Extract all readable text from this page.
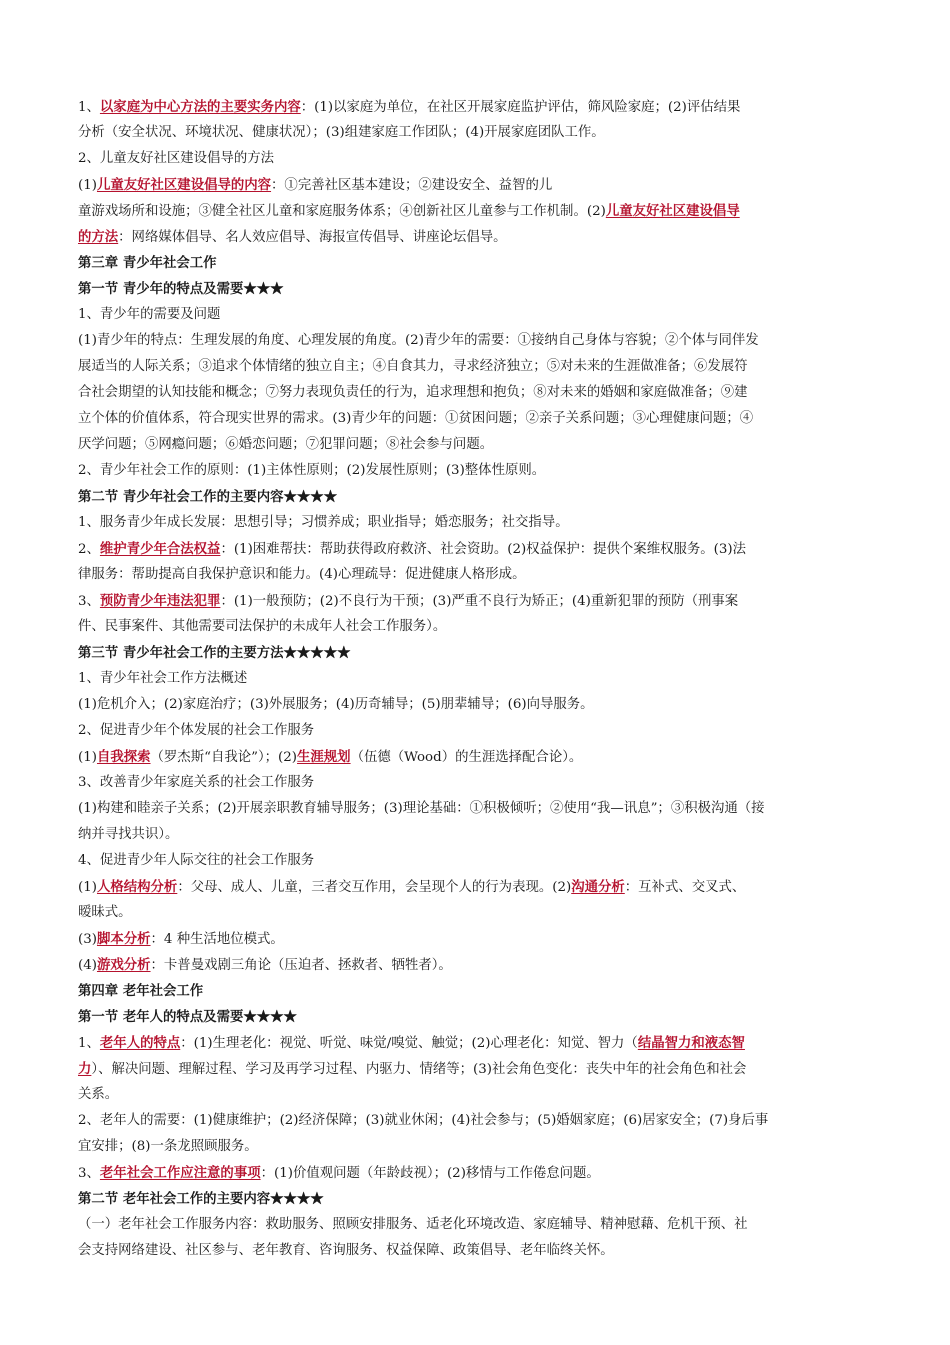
1、以家庭为中心方法的主要实务内容：(1)以家庭为单位，在社区开展家庭监护评估，筛风险家庭；(2)评估结果
分析（安全状况、环境状况、健康状况）；(3)组建家庭工作团队；(4)开展家庭团队工作。
2、儿童友好社区建设倡导的方法
(1)儿童友好社区建设倡导的内容：①完善社区基本建设；②建设安全、益智的儿
童游戏场所和设施；③健全社区儿童和家庭服务体系；④创新社区儿童参与工作机制。(2)儿童友好社区建设倡导
的方法：网络媒体倡导、名人效应倡导、海报宣传倡导、讲座论坛倡导。
第三章 青少年社会工作
第一节 青少年的特点及需要★★★
1、青少年的需要及问题
(1)青少年的特点：生理发展的角度、心理发展的角度。(2)青少年的需要：①接纳自己身体与容貌；②个体与同伴发
展适当的人际关系；③追求个体情绪的独立自主；④自食其力，寻求经济独立；⑤对未来的生涯做准备；⑥发展符
合社会期望的认知技能和概念；⑦努力表现负责任的行为，追求理想和抱负；⑧对未来的婚姻和家庭做准备；⑨建
立个体的价值体系，符合现实世界的需求。(3)青少年的问题：①贫困问题；②亲子关系问题；③心理健康问题；④
厌学问题；⑤网瘾问题；⑥婚恋问题；⑦犯罪问题；⑧社会参与问题。
2、青少年社会工作的原则：(1)主体性原则；(2)发展性原则；(3)整体性原则。
第二节 青少年社会工作的主要内容★★★★
1、服务青少年成长发展：思想引导；习惯养成；职业指导；婚恋服务；社交指导。
2、维护青少年合法权益：(1)困难帮扶：帮助获得政府救济、社会资助。(2)权益保护：提供个案维权服务。(3)法
律服务：帮助提高自我保护意识和能力。(4)心理疏导：促进健康人格形成。
3、预防青少年违法犯罪：(1)一般预防；(2)不良行为干预；(3)严重不良行为矫正；(4)重新犯罪的预防（刑事案
件、民事案件、其他需要司法保护的未成年人社会工作服务）。
第三节 青少年社会工作的主要方法★★★★★
1、青少年社会工作方法概述
(1)危机介入；(2)家庭治疗；(3)外展服务；(4)历奇辅导；(5)朋辈辅导；(6)向导服务。
2、促进青少年个体发展的社会工作服务
(1)自我探索（罗杰斯“自我论”）；(2)生涯规划（伍德（Wood）的生涯选择配合论）。
3、改善青少年家庭关系的社会工作服务
(1)构建和睦亲子关系；(2)开展亲职教育辅导服务；(3)理论基础：①积极倾听；②使用“我—讯息”；③积极沟通（接
纳并寻找共识）。
4、促进青少年人际交往的社会工作服务
(1)人格结构分析：父母、成人、儿童，三者交互作用，会呈现个人的行为表现。(2)沟通分析：互补式、交叉式、
暧昧式。
(3)脚本分析：4 种生活地位模式。
(4)游戏分析：卡普曼戏剧三角论（压迫者、拯救者、牺牲者）。
第四章 老年社会工作
第一节 老年人的特点及需要★★★★
1、老年人的特点：(1)生理老化：视觉、听觉、味觉/嗅觉、触觉；(2)心理老化：知觉、智力（结晶智力和液态智
力）、解决问题、理解过程、学习及再学习过程、内驱力、情绪等；(3)社会角色变化：丧失中年的社会角色和社会
关系。
2、老年人的需要：(1)健康维护；(2)经济保障；(3)就业休闲；(4)社会参与；(5)婚姻家庭；(6)居家安全；(7)身后事
宜安排；(8)一条龙照顾服务。
3、老年社会工作应注意的事项：(1)价值观问题（年龄歧视）；(2)移情与工作倦怠问题。
第二节 老年社会工作的主要内容★★★★
（一）老年社会工作服务内容：救助服务、照顾安排服务、适老化环境改造、家庭辅导、精神慰藉、危机干预、社
会支持网络建设、社区参与、老年教育、咨询服务、权益保障、政策倡导、老年临终关怀。
